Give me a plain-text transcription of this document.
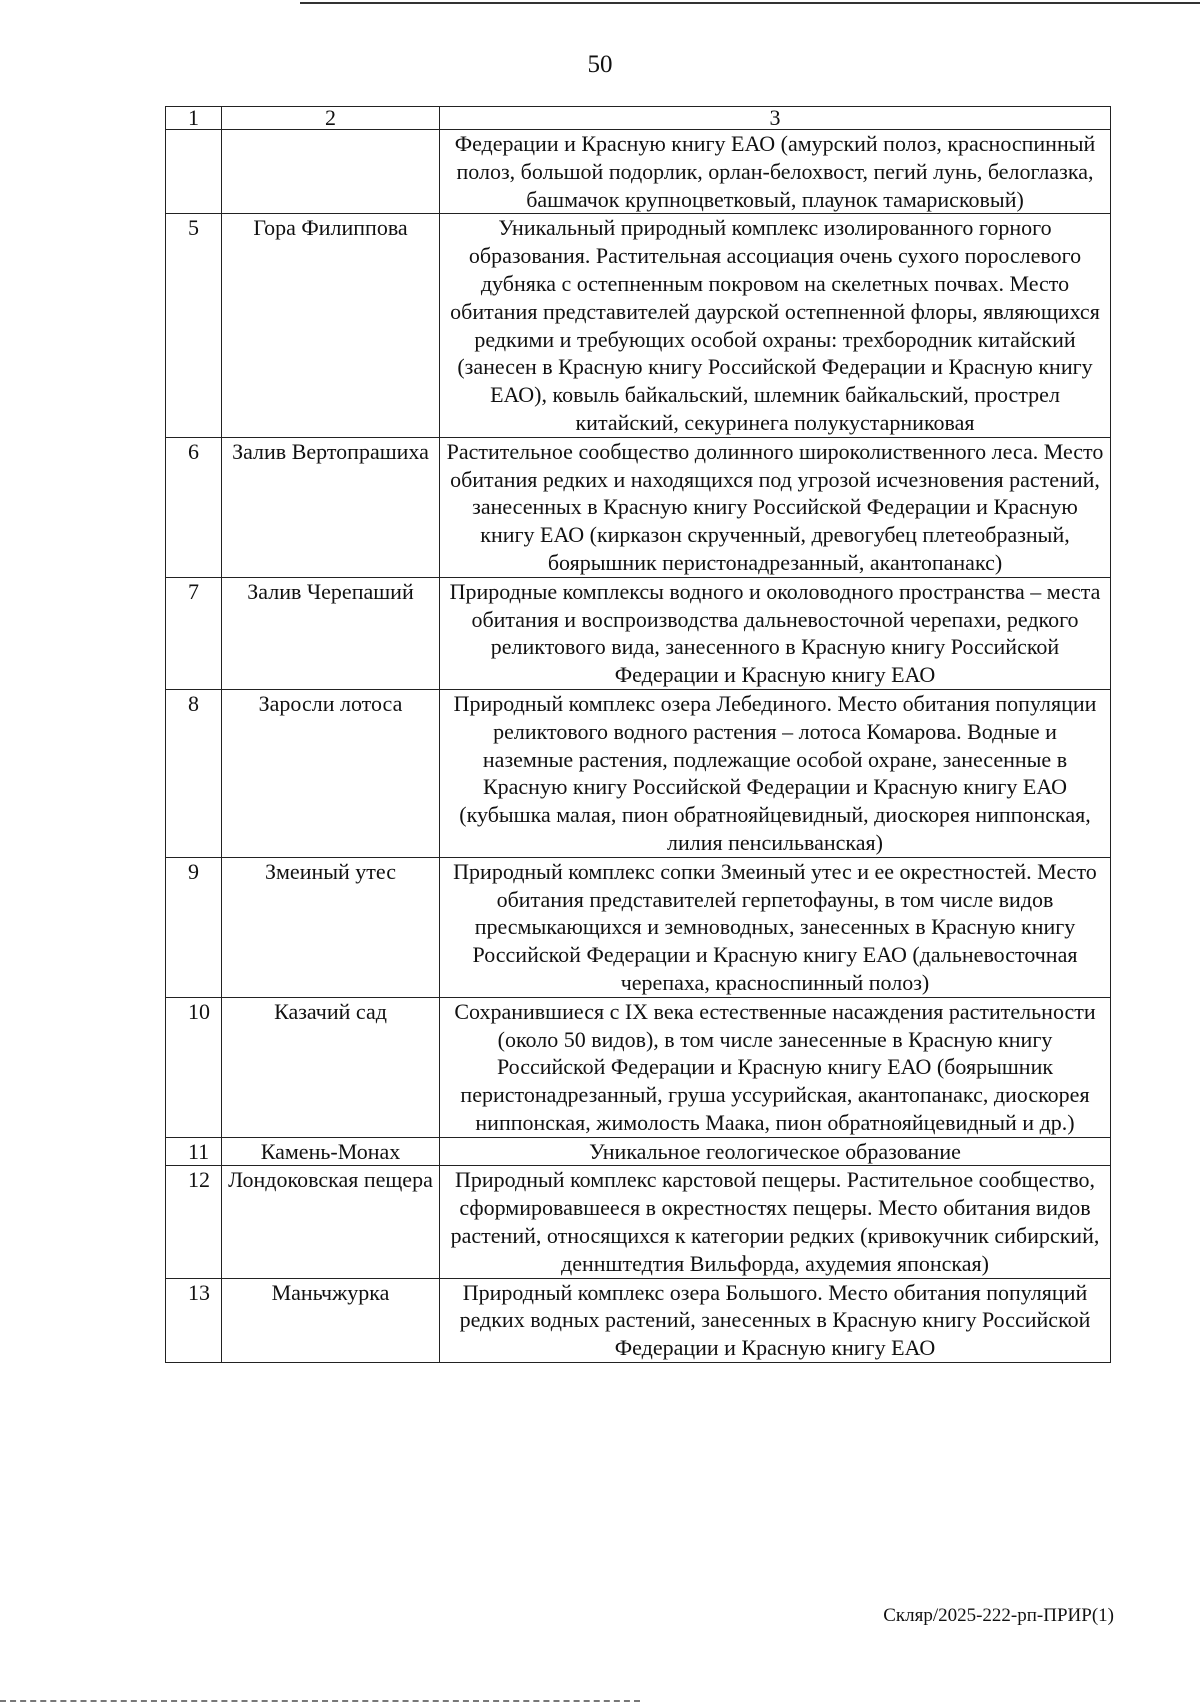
50
1	2	3
		Федерации и Красную книгу ЕАО (амурский полоз, красноспинный полоз, большой подорлик, орлан-белохвост, пегий лунь, белоглазка, башмачок крупноцветковый, плаунок тамарисковый)
5	Гора Филиппова	Уникальный природный комплекс изолированного горного образования. Растительная ассоциация очень сухого порослевого дубняка с остепненным покровом на скелетных почвах. Место обитания представителей даурской остепненной флоры, являющихся редкими и требующих особой охраны: трехбородник китайский (занесен в Красную книгу Российской Федерации и Красную книгу ЕАО), ковыль байкальский, шлемник байкальский, прострел китайский, секуринега полукустарниковая
6	Залив Вертопрашиха	Растительное сообщество долинного широколиственного леса. Место обитания редких и находящихся под угрозой исчезновения растений, занесенных в Красную книгу Российской Федерации и Красную книгу ЕАО (кирказон скрученный, древогубец плетеобразный, боярышник перистонадрезанный, акантопанакс)
7	Залив Черепаший	Природные комплексы водного и околоводного пространства – места обитания и воспроизводства дальневосточной черепахи, редкого реликтового вида, занесенного в Красную книгу Российской Федерации и Красную книгу ЕАО
8	Заросли лотоса	Природный комплекс озера Лебединого. Место обитания популяции реликтового водного растения – лотоса Комарова. Водные и наземные растения, подлежащие особой охране, занесенные в Красную книгу Российской Федерации и Красную книгу ЕАО (кубышка малая, пион обратнояйцевидный, диоскорея ниппонская, лилия пенсильванская)
9	Змеиный утес	Природный комплекс сопки Змеиный утес и ее окрестностей. Место обитания представителей герпетофауны, в том числе видов пресмыкающихся и земноводных, занесенных в Красную книгу Российской Федерации и Красную книгу ЕАО (дальневосточная черепаха, красноспинный полоз)
10	Казачий сад	Сохранившиеся с IX века естественные насаждения растительности (около 50 видов), в том числе занесенные в Красную книгу Российской Федерации и Красную книгу ЕАО (боярышник перистонадрезанный, груша уссурийская, акантопанакс, диоскорея ниппонская, жимолость Маака, пион обратнояйцевидный и др.)
11	Камень-Монах	Уникальное геологическое образование
12	Лондоковская пещера	Природный комплекс карстовой пещеры. Растительное сообщество, сформировавшееся в окрестностях пещеры. Место обитания видов растений, относящихся к категории редких (кривокучник сибирский, деннштедтия Вильфорда, ахудемия японская)
13	Маньчжурка	Природный комплекс озера Большого. Место обитания популяций редких водных растений, занесенных в Красную книгу Российской Федерации и Красную книгу ЕАО
Скляр/2025-222-рп-ПРИР(1)
